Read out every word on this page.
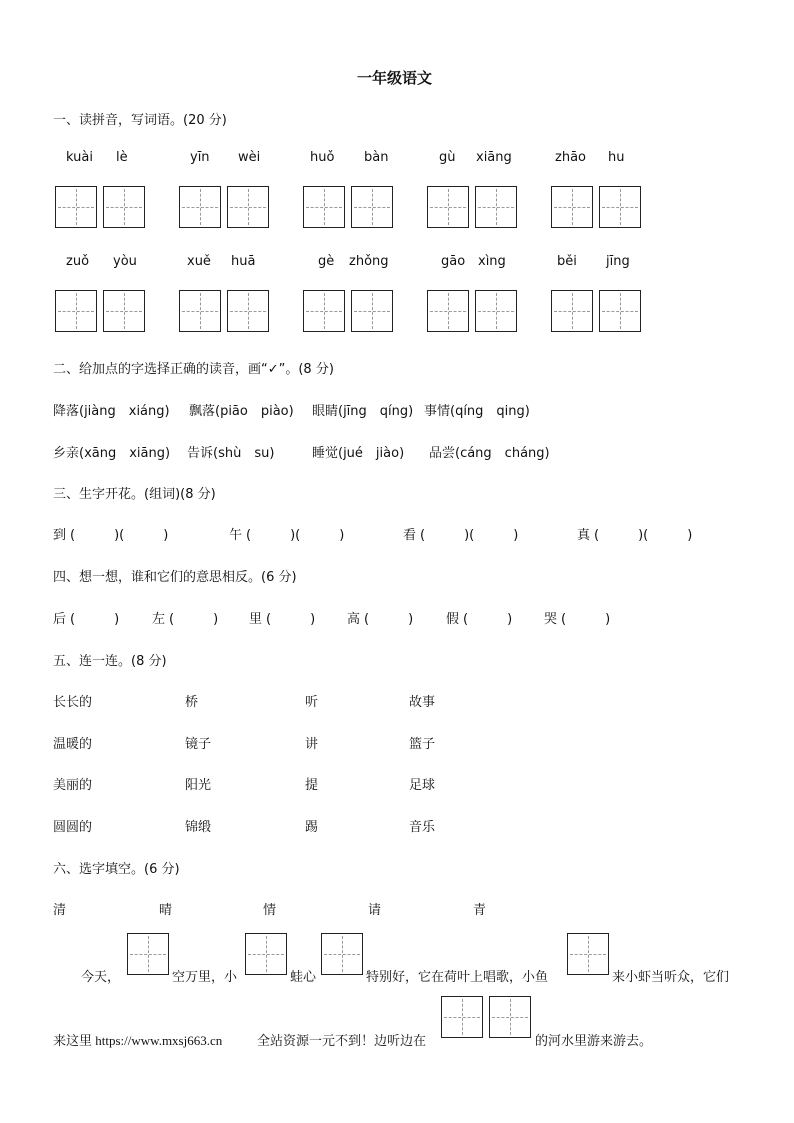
一年级语文
一、读拼音，写词语。(20 分)
kuài lè	yīn wèi	huǒ bàn	gù xiāng	zhāo hu
zuǒ yòu	xuě huā	gè zhǒng	gāo xìng	běi jīng
二、给加点的字选择正确的读音，画“✓”。(8 分)
降落(jiàng　xiáng) 飘落(piāo　piào) 眼睛(jīng　qíng) 事情(qíng　qing)
乡亲(xāng　xiāng) 告诉(shù　su)	睡觉(jué　jiào) 品尝(cáng　cháng)
三、生字开花。(组词)(8 分)
到 (　　　)(　　　)	午 (　　　)(　　　)	看 (　　　)(　　　)	真 (　　　)(　　　)
四、想一想，谁和它们的意思相反。(6 分)
后 (　　　)	左 (　　　) 里 (　　　) 高 (　　　)	假 (　　　) 哭 (　　　)
五、连一连。(8 分)
长长的	桥	听	故事
温暖的	镜子	讲	篮子
美丽的	阳光	提	足球
圆圆的	锦缎	踢	音乐
六、选字填空。(6 分)
清	晴	情	请	青
今天，	空万里，小	蛙心	特别好，它在荷叶上唱歌，小鱼	来小虾当听众，它们
来这里 https://www.mxsj663.cn	全站资源一元不到！边听边在	的河水里游来游去。
